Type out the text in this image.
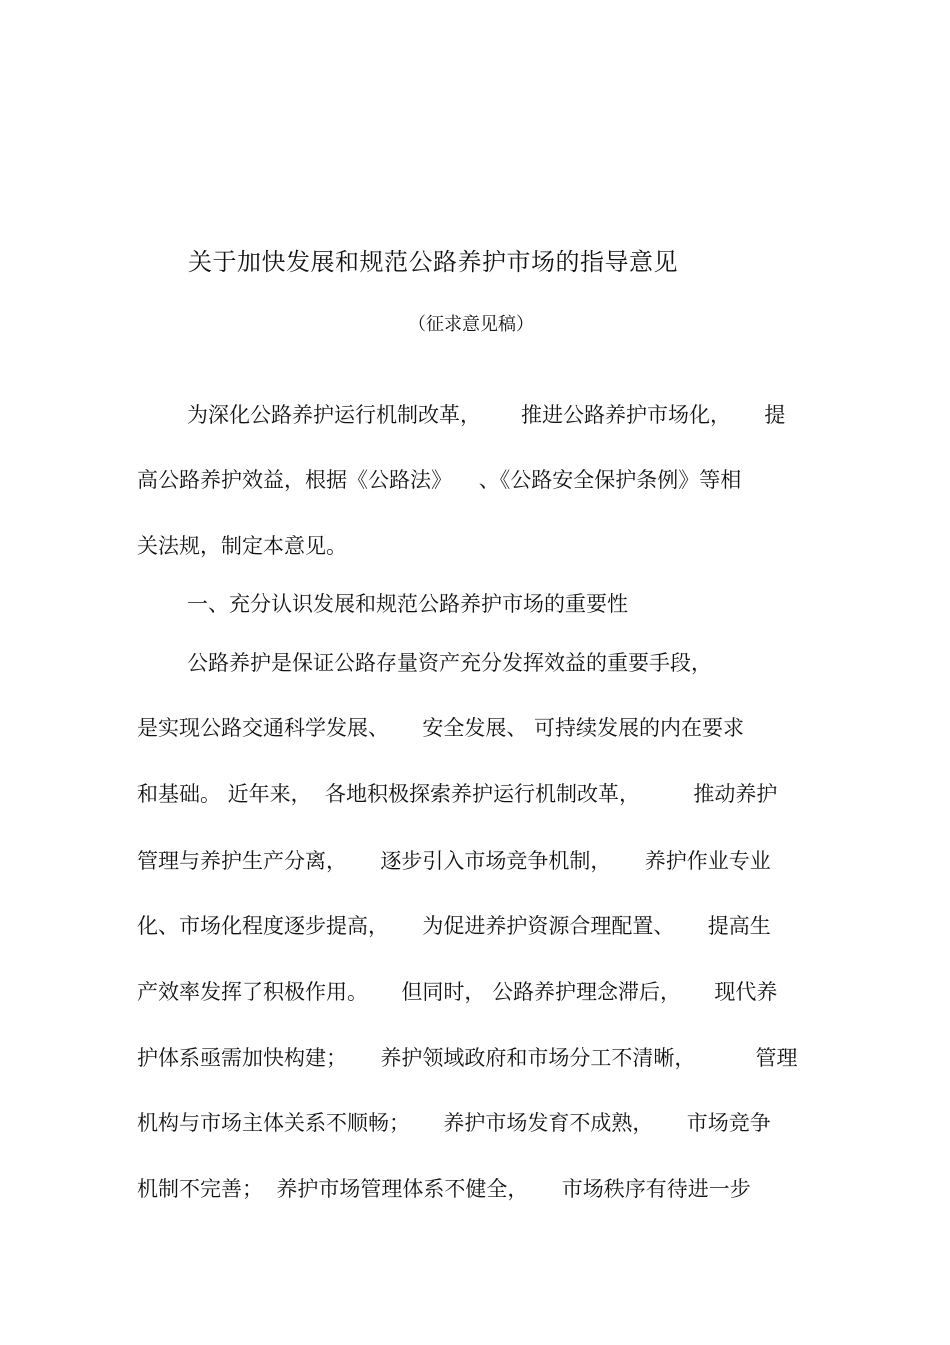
关于加快发展和规范公路养护市场的指导意见
（征求意见稿）
为深化公路养护运行机制改革，      推进公路养护市场化，     提
高公路养护效益，根据《公路法》    、《公路安全保护条例》等相
关法规，制定本意见。
一、充分认识发展和规范公路养护市场的重要性
公路养护是保证公路存量资产充分发挥效益的重要手段，
是实现公路交通科学发展、     安全发展、 可持续发展的内在要求
和基础。 近年来，  各地积极探索养护运行机制改革，        推动养护
管理与养护生产分离，     逐步引入市场竞争机制，     养护作业专业
化、市场化程度逐步提高，     为促进养护资源合理配置、     提高生
产效率发挥了积极作用。     但同时， 公路养护理念滞后，     现代养
护体系亟需加快构建；     养护领域政府和市场分工不清晰，         管理
机构与市场主体关系不顺畅；     养护市场发育不成熟，     市场竞争
机制不完善；  养护市场管理体系不健全，     市场秩序有待进一步
